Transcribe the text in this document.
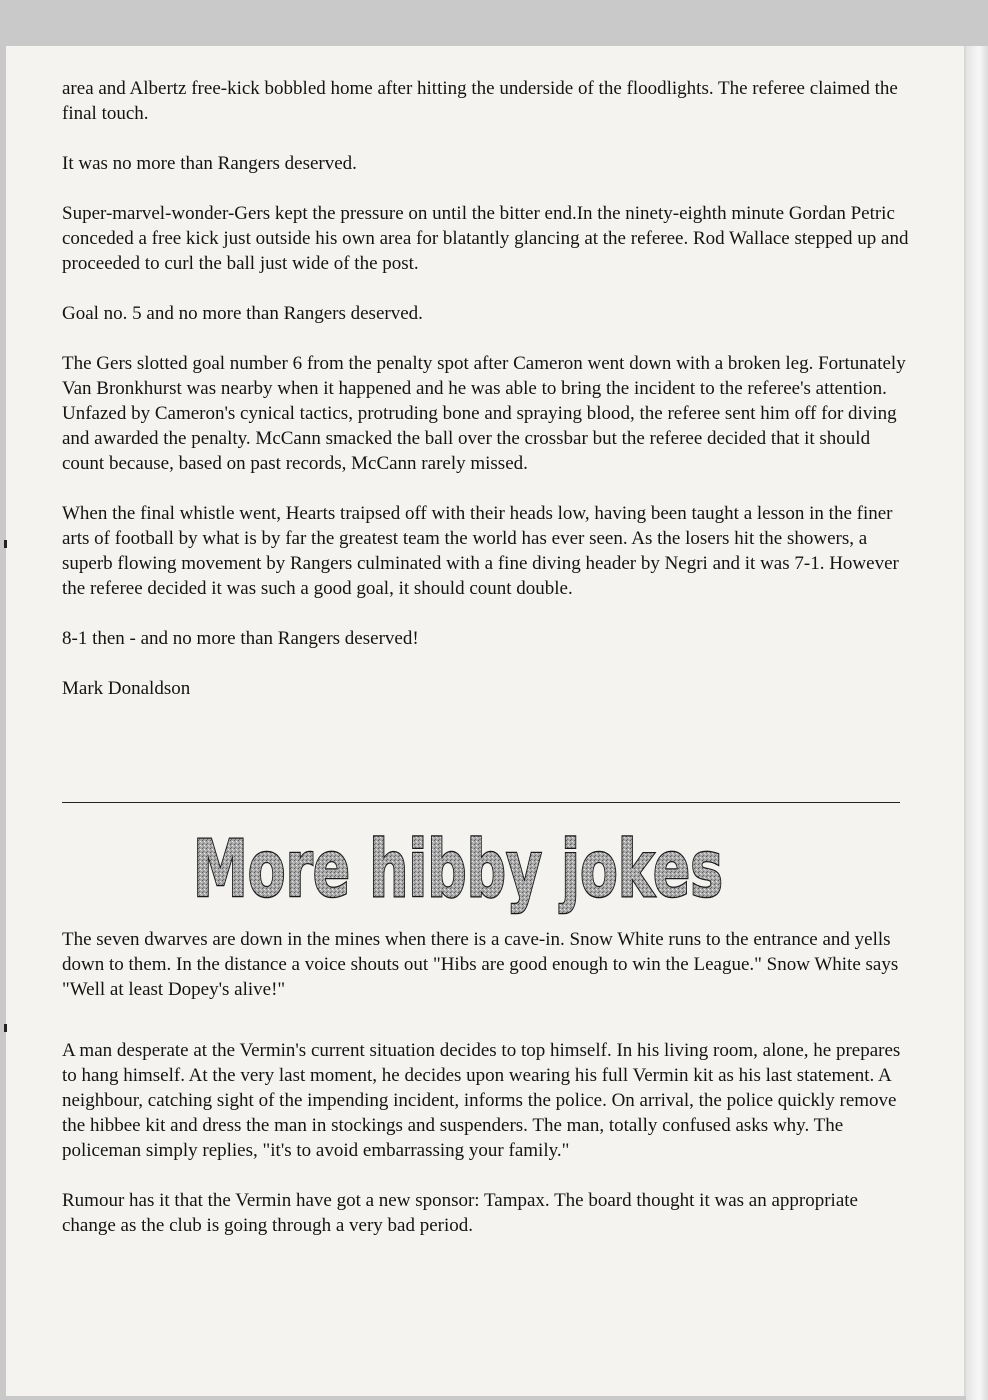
area and Albertz free-kick bobbled home after hitting the underside of the floodlights. The referee claimed the final touch.

It was no more than Rangers deserved.

Super-marvel-wonder-Gers kept the pressure on until the bitter end.In the ninety-eighth minute Gordan Petric conceded a free kick just outside his own area for blatantly glancing at the referee. Rod Wallace stepped up and proceeded to curl the ball just wide of the post.

Goal no. 5 and no more than Rangers deserved.

The Gers slotted goal number 6 from the penalty spot after Cameron went down with a broken leg. Fortunately Van Bronkhurst was nearby when it happened and he was able to bring the incident to the referee's attention. Unfazed by Cameron's cynical tactics, protruding bone and spraying blood, the referee sent him off for diving and awarded the penalty. McCann smacked the ball over the crossbar but the referee decided that it should count because, based on past records, McCann rarely missed.

When the final whistle went, Hearts traipsed off with their heads low, having been taught a lesson in the finer arts of football by what is by far the greatest team the world has ever seen. As the losers hit the showers, a superb flowing movement by Rangers culminated with a fine diving header by Negri and it was 7-1. However the referee decided it was such a good goal, it should count double.

8-1 then - and no more than Rangers deserved!

Mark Donaldson

More hibby jokes

The seven dwarves are down in the mines when there is a cave-in. Snow White runs to the entrance and yells down to them. In the distance a voice shouts out "Hibs are good enough to win the League." Snow White says "Well at least Dopey's alive!"

A man desperate at the Vermin's current situation decides to top himself. In his living room, alone, he prepares to hang himself. At the very last moment, he decides upon wearing his full Vermin kit as his last statement. A neighbour, catching sight of the impending incident, informs the police. On arrival, the police quickly remove the hibbee kit and dress the man in stockings and suspenders. The man, totally confused asks why. The policeman simply replies, "it's to avoid embarrassing your family."

Rumour has it that the Vermin have got a new sponsor: Tampax. The board thought it was an appropriate change as the club is going through a very bad period.
